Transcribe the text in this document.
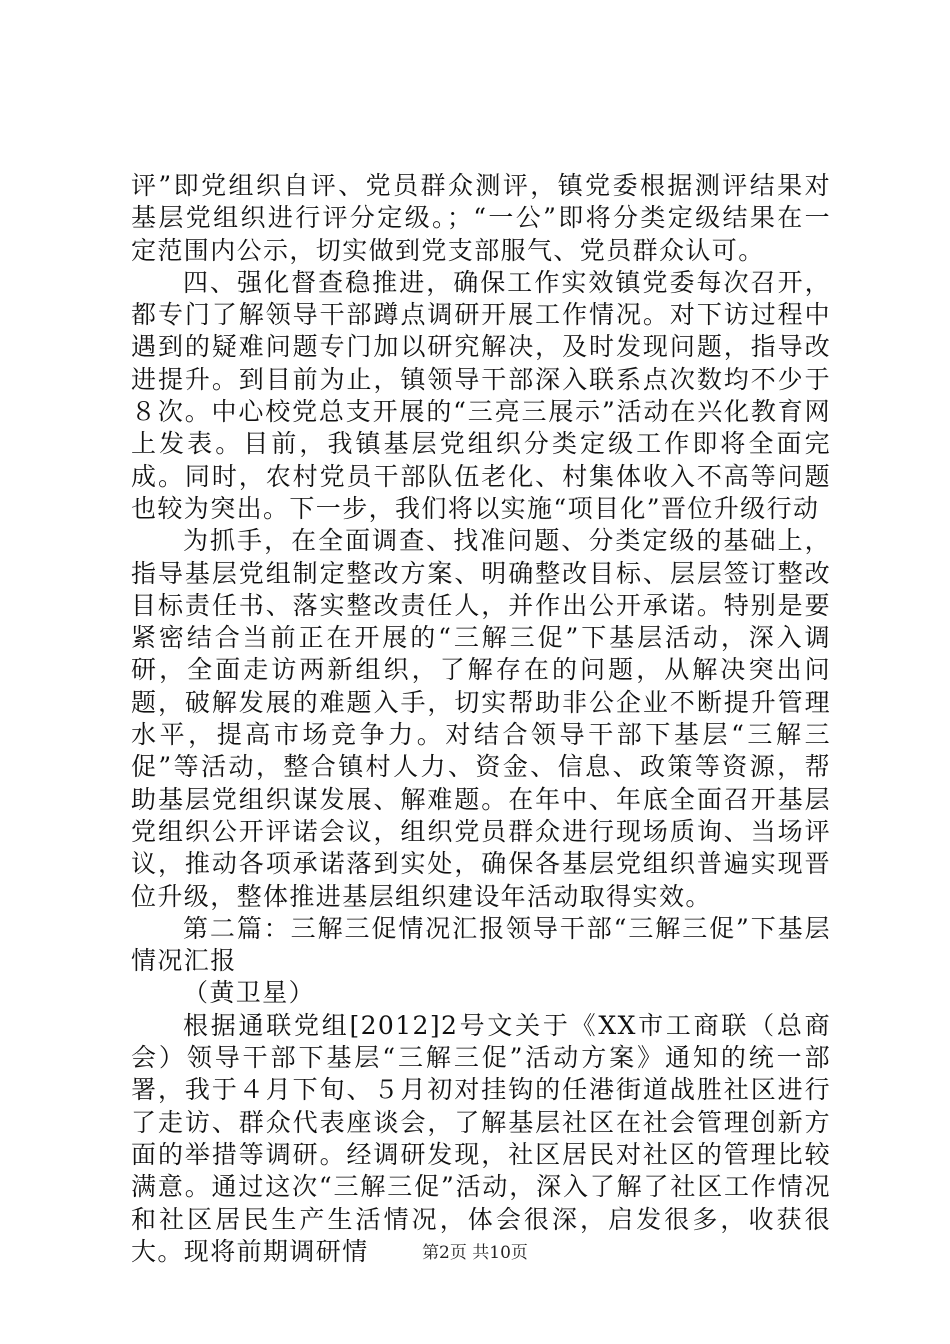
评”即党组织自评、党员群众测评，镇党委根据测评结果对基层党组织进行评分定级。；“一公”即将分类定级结果在一定范围内公示，切实做到党支部服气、党员群众认可。

四、强化督查稳推进，确保工作实效镇党委每次召开，都专门了解领导干部蹲点调研开展工作情况。对下访过程中遇到的疑难问题专门加以研究解决，及时发现问题，指导改进提升。到目前为止，镇领导干部深入联系点次数均不少于８次。中心校党总支开展的“三亮三展示”活动在兴化教育网上发表。目前，我镇基层党组织分类定级工作即将全面完成。同时，农村党员干部队伍老化、村集体收入不高等问题也较为突出。下一步，我们将以实施“项目化”晋位升级行动

为抓手，在全面调查、找准问题、分类定级的基础上，指导基层党组制定整改方案、明确整改目标、层层签订整改目标责任书、落实整改责任人，并作出公开承诺。特别是要紧密结合当前正在开展的“三解三促”下基层活动，深入调研，全面走访两新组织，了解存在的问题，从解决突出问题，破解发展的难题入手，切实帮助非公企业不断提升管理水平，提高市场竞争力。对结合领导干部下基层“三解三促”等活动，整合镇村人力、资金、信息、政策等资源，帮助基层党组织谋发展、解难题。在年中、年底全面召开基层党组织公开评诺会议，组织党员群众进行现场质询、当场评议，推动各项承诺落到实处，确保各基层党组织普遍实现晋位升级，整体推进基层组织建设年活动取得实效。

第二篇：三解三促情况汇报领导干部“三解三促”下基层情况汇报

（黄卫星）

根据通联党组[2012]2号文关于《XX市工商联（总商会）领导干部下基层“三解三促”活动方案》通知的统一部署，我于４月下旬、５月初对挂钩的任港街道战胜社区进行了走访、群众代表座谈会，了解基层社区在社会管理创新方面的举措等调研。经调研发现，社区居民对社区的管理比较满意。通过这次“三解三促”活动，深入了解了社区工作情况和社区居民生产生活情况，体会很深，启发很多，收获很大。现将前期调研情	第2页 共10页
